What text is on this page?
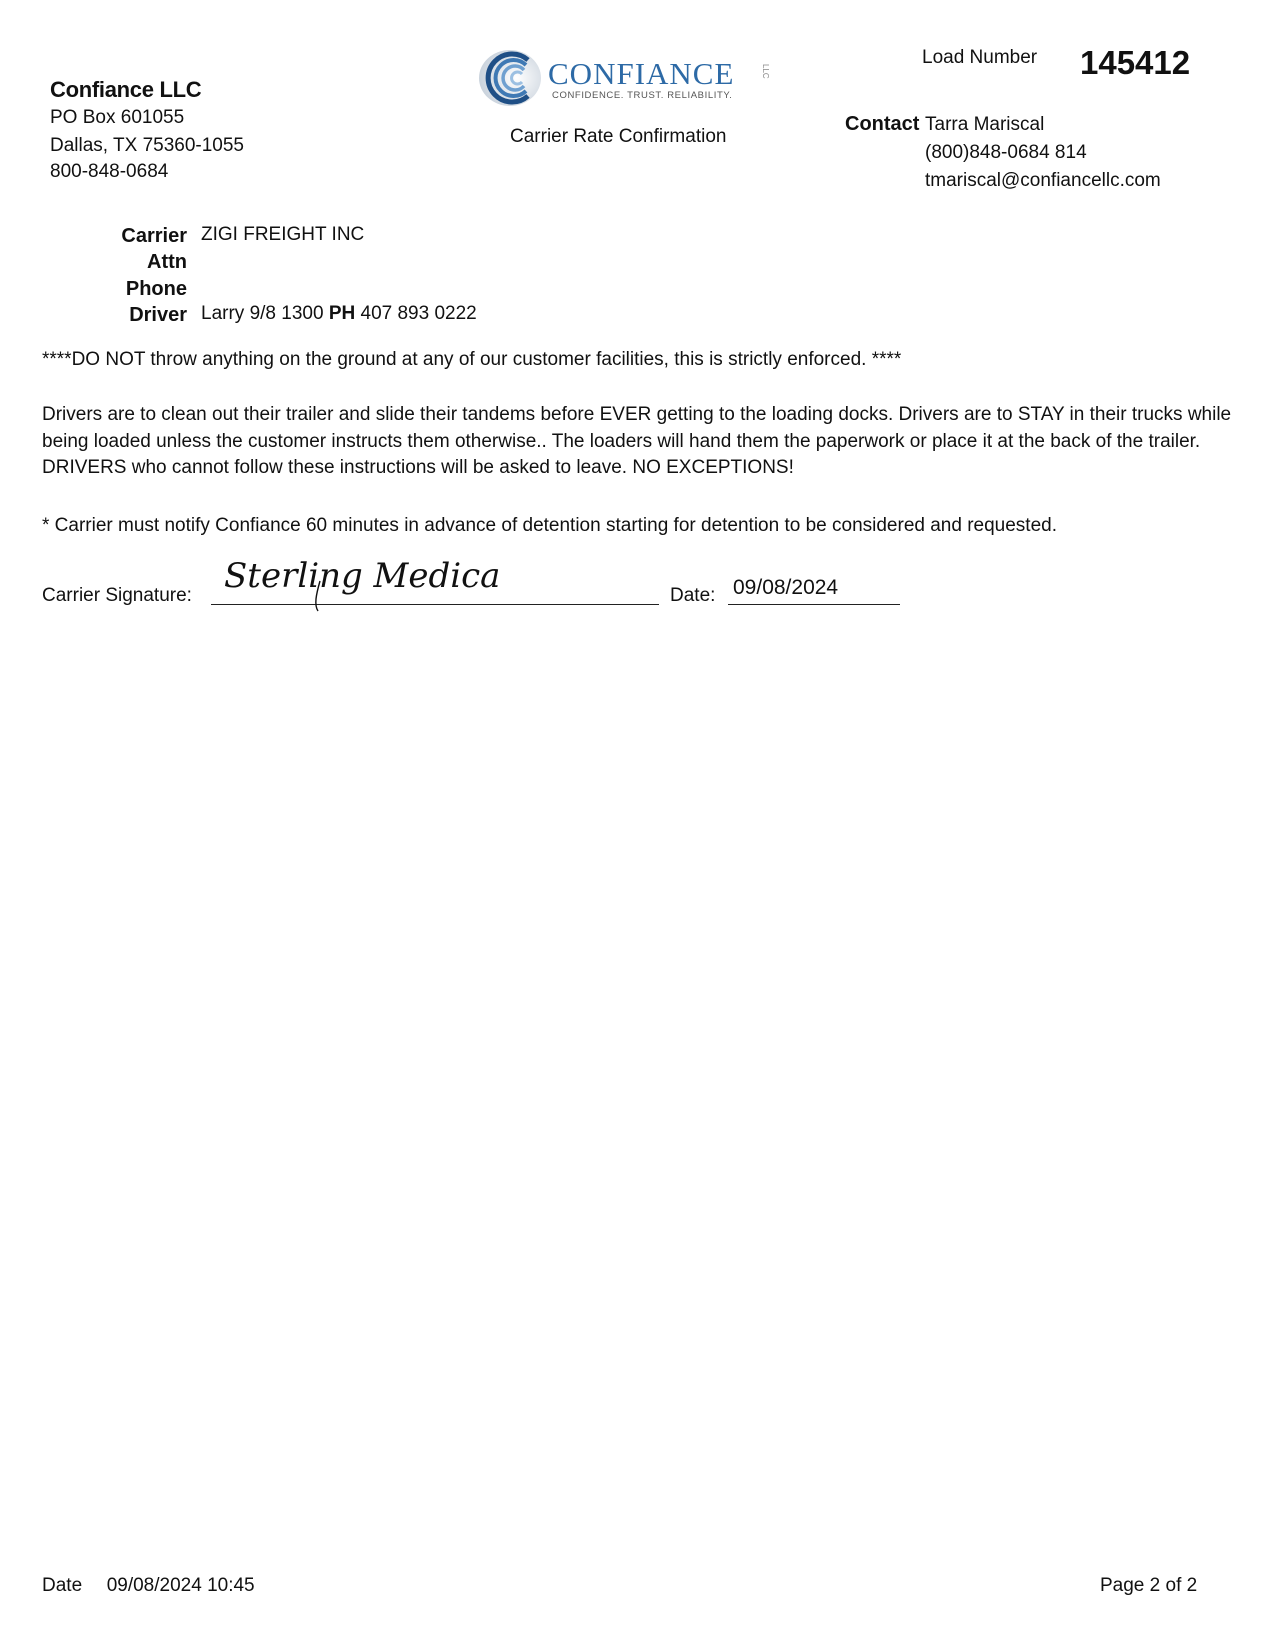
Confiance LLC
PO Box 601055
Dallas, TX 75360-1055
800-848-0684
CONFIANCE
CONFIDENCE. TRUST. RELIABILITY.
LLC
Carrier Rate Confirmation
Load Number 145412
Contact Tarra Mariscal
(800)848-0684 814
tmariscal@confiancellc.com
Carrier ZIGI FREIGHT INC
Attn
Phone
Driver Larry 9/8 1300 PH 407 893 0222
****DO NOT throw anything on the ground at any of our customer facilities, this is strictly enforced. ****
Drivers are to clean out their trailer and slide their tandems before EVER getting to the loading docks. Drivers are to STAY in their trucks while being loaded unless the customer instructs them otherwise.. The loaders will hand them the paperwork or place it at the back of the trailer. DRIVERS who cannot follow these instructions will be asked to leave. NO EXCEPTIONS!
* Carrier must notify Confiance 60 minutes in advance of detention starting for detention to be considered and requested.
Carrier Signature: Sterling Medica	Date: 09/08/2024
Date 09/08/2024 10:45	Page 2 of 2
